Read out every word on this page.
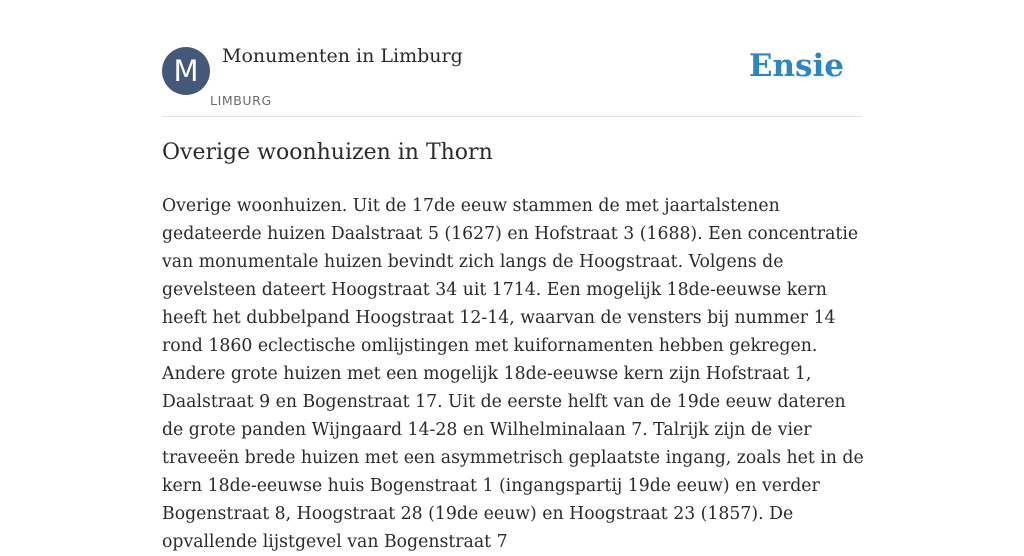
M	Monumenten in Limburg
LIMBURG
Ensie
Overige woonhuizen in Thorn

Overige woonhuizen. Uit de 17de eeuw stammen de met jaartalstenen gedateerde huizen Daalstraat 5 (1627) en Hofstraat 3 (1688). Een concentratie van monumentale huizen bevindt zich langs de Hoogstraat. Volgens de gevelsteen dateert Hoogstraat 34 uit 1714. Een mogelijk 18de-eeuwse kern heeft het dubbelpand Hoogstraat 12-14, waarvan de vensters bij nummer 14 rond 1860 eclectische omlijstingen met kuifornamenten hebben gekregen. Andere grote huizen met een mogelijk 18de-eeuwse kern zijn Hofstraat 1, Daalstraat 9 en Bogenstraat 17. Uit de eerste helft van de 19de eeuw dateren de grote panden Wijngaard 14-28 en Wilhelminalaan 7. Talrijk zijn de vier traveeën brede huizen met een asymmetrisch geplaatste ingang, zoals het in de kern 18de-eeuwse huis Bogenstraat 1 (ingangspartij 19de eeuw) en verder Bogenstraat 8, Hoogstraat 28 (19de eeuw) en Hoogstraat 23 (1857). De opvallende lijstgevel van Bogenstraat 7
